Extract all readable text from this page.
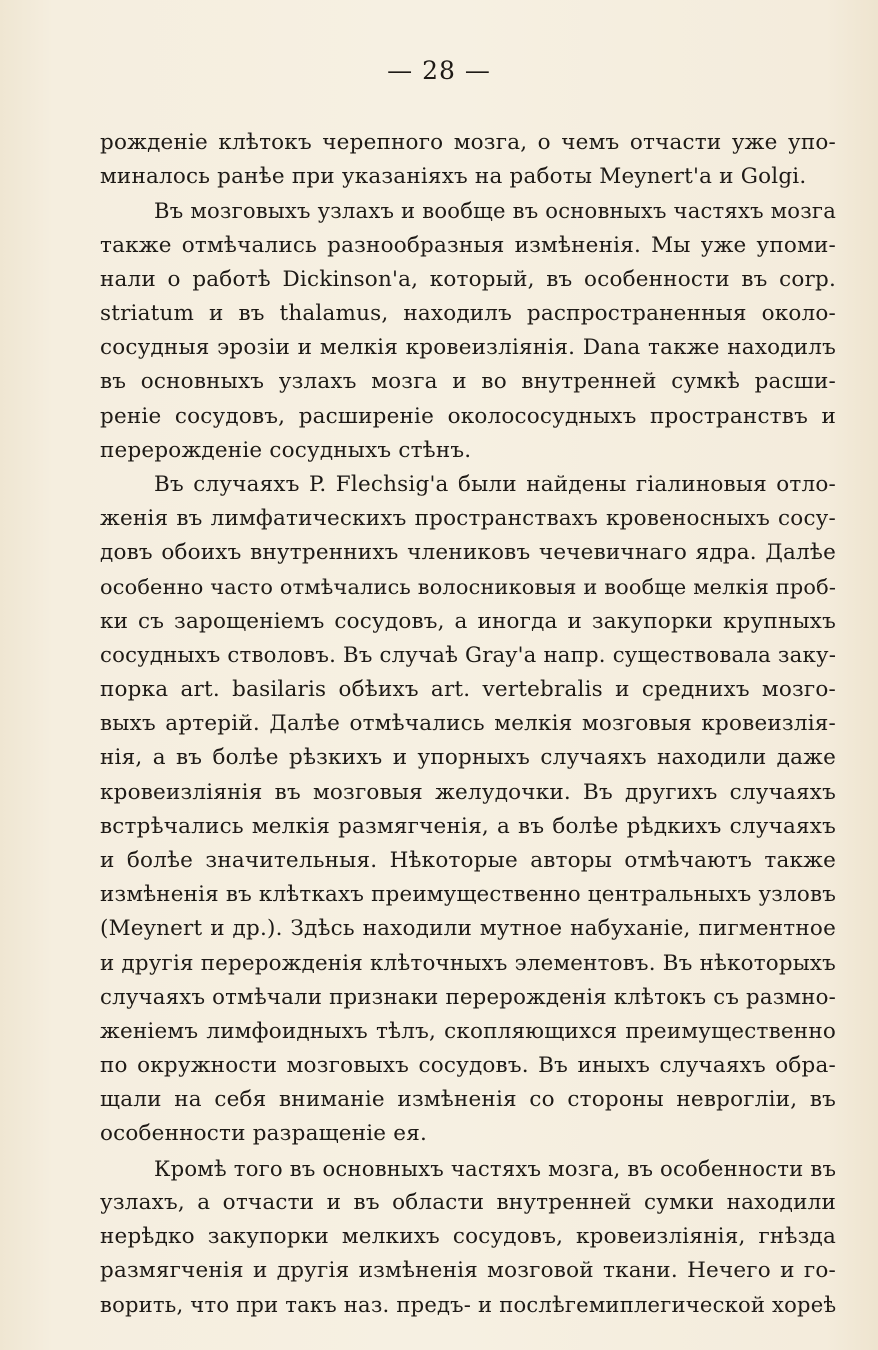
— 28 —
рожденіе клѣтокъ черепного мозга, о чемъ отчасти уже упо-
миналось ранѣе при указаніяхъ на работы Meynert'а и Golgi.
Въ мозговыхъ узлахъ и вообще въ основныхъ частяхъ мозга
также отмѣчались разнообразныя измѣненія. Мы уже упоми-
нали о работѣ Dickinson'а, который, въ особенности въ corp.
striatum и въ thalamus, находилъ распространенныя около-
сосудныя эрозіи и мелкія кровеизліянія. Dana также находилъ
въ основныхъ узлахъ мозга и во внутренней сумкѣ расши-
реніе сосудовъ, расширеніе околососудныхъ пространствъ и
перерожденіе сосудныхъ стѣнъ.
Въ случаяхъ P. Flechsig'а были найдены гіалиновыя отло-
женія въ лимфатическихъ пространствахъ кровеносныхъ сосу-
довъ обоихъ внутреннихъ члениковъ чечевичнаго ядра. Далѣе
особенно часто отмѣчались волосниковыя и вообще мелкія проб-
ки съ зарощеніемъ сосудовъ, а иногда и закупорки крупныхъ
сосудныхъ стволовъ. Въ случаѣ Gray'а напр. существовала заку-
порка art. basilaris обѣихъ art. vertebralis и среднихъ мозго-
выхъ артерій. Далѣе отмѣчались мелкія мозговыя кровеизлія-
нія, а въ болѣе рѣзкихъ и упорныхъ случаяхъ находили даже
кровеизліянія въ мозговыя желудочки. Въ другихъ случаяхъ
встрѣчались мелкія размягченія, а въ болѣе рѣдкихъ случаяхъ
и болѣе значительныя. Нѣкоторые авторы отмѣчаютъ также
измѣненія въ клѣткахъ преимущественно центральныхъ узловъ
(Meynert и др.). Здѣсь находили мутное набуханіе, пигментное
и другія перерожденія клѣточныхъ элементовъ. Въ нѣкоторыхъ
случаяхъ отмѣчали признаки перерожденія клѣтокъ съ размно-
женіемъ лимфоидныхъ тѣлъ, скопляющихся преимущественно
по окружности мозговыхъ сосудовъ. Въ иныхъ случаяхъ обра-
щали на себя вниманіе измѣненія со стороны невроглiи, въ
особенности разращеніе ея.
Кромѣ того въ основныхъ частяхъ мозга, въ особенности въ
узлахъ, а отчасти и въ области внутренней сумки находили
нерѣдко закупорки мелкихъ сосудовъ, кровеизліянія, гнѣзда
размягченія и другія измѣненія мозговой ткани. Нечего и го-
ворить, что при такъ наз. предъ- и послѣгемиплегической хореѣ
